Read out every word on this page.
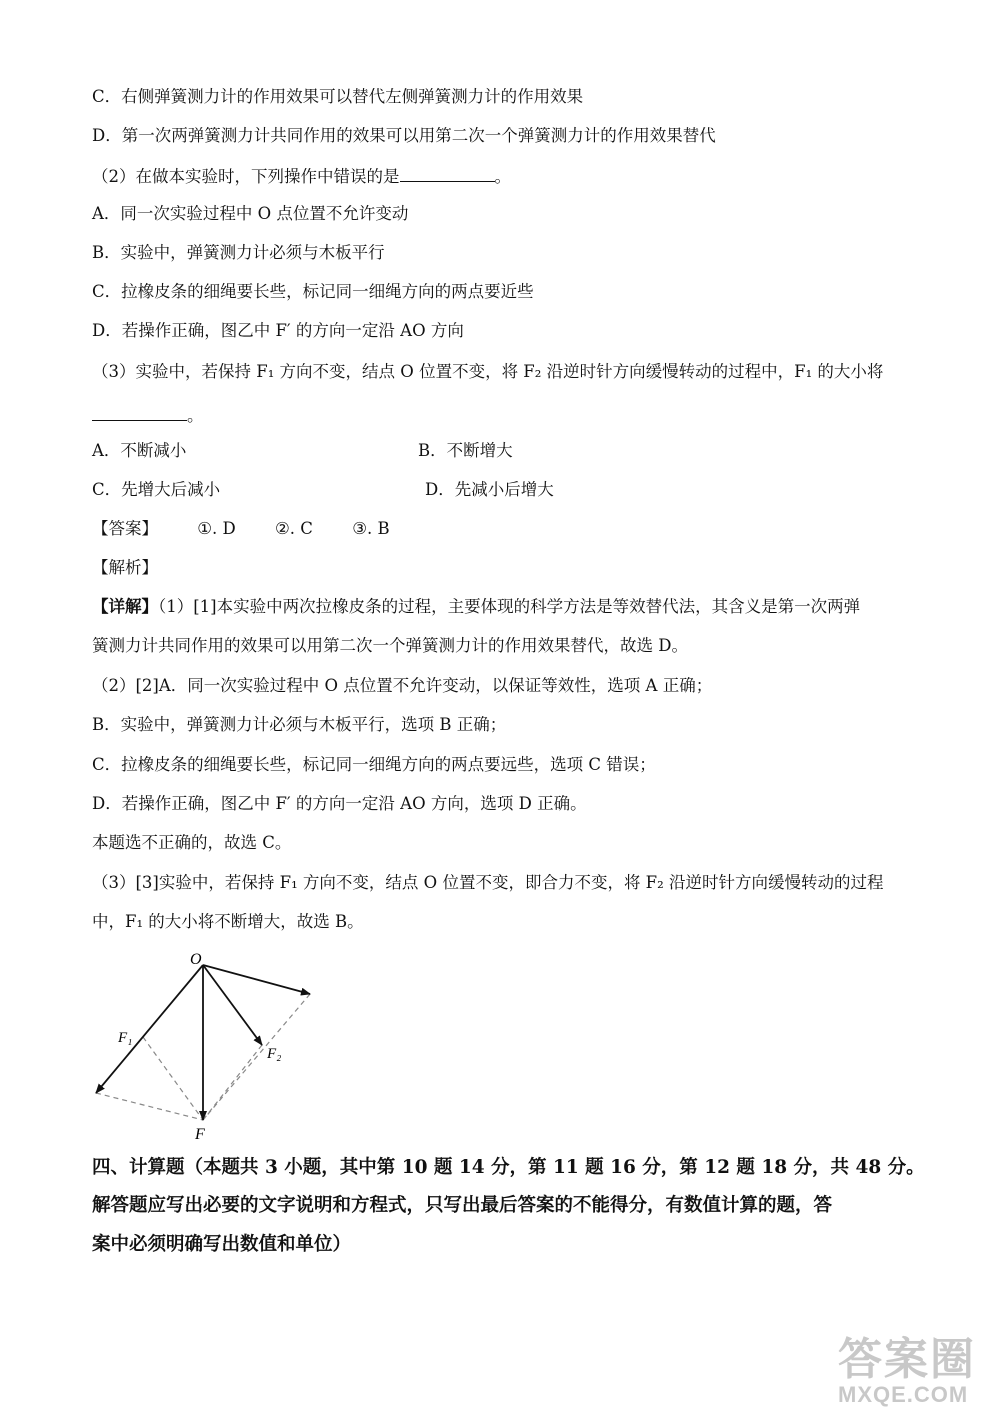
C．右侧弹簧测力计的作用效果可以替代左侧弹簧测力计的作用效果
D．第一次两弹簧测力计共同作用的效果可以用第二次一个弹簧测力计的作用效果替代
（2）在做本实验时，下列操作中错误的是	。
A．同一次实验过程中 O 点位置不允许变动
B．实验中，弹簧测力计必须与木板平行
C．拉橡皮条的细绳要长些，标记同一细绳方向的两点要近些
D．若操作正确，图乙中 F′ 的方向一定沿 AO 方向
（3）实验中，若保持 F₁ 方向不变，结点 O 位置不变，将 F₂ 沿逆时针方向缓慢转动的过程中，F₁ 的大小将
。
A．不断减小	B．不断增大
C．先增大后减小	D．先减小后增大
【答案】 ①. D ②. C ③. B
【解析】
【详解】（1）[1]本实验中两次拉橡皮条的过程，主要体现的科学方法是等效替代法，其含义是第一次两弹
簧测力计共同作用的效果可以用第二次一个弹簧测力计的作用效果替代，故选 D。
（2）[2]A．同一次实验过程中 O 点位置不允许变动，以保证等效性，选项 A 正确；
B．实验中，弹簧测力计必须与木板平行，选项 B 正确；
C．拉橡皮条的细绳要长些，标记同一细绳方向的两点要远些，选项 C 错误；
D．若操作正确，图乙中 F′ 的方向一定沿 AO 方向，选项 D 正确。
本题选不正确的，故选 C。
（3）[3]实验中，若保持 F₁ 方向不变，结点 O 位置不变，即合力不变，将 F₂ 沿逆时针方向缓慢转动的过程
中，F₁ 的大小将不断增大，故选 B。
O
F₁
F₂
F
四、计算题（本题共 3 小题，其中第 10 题 14 分，第 11 题 16 分，第 12 题 18 分，共 48 分。
解答题应写出必要的文字说明和方程式，只写出最后答案的不能得分，有数值计算的题，答
案中必须明确写出数值和单位）
答案圈
MXQE.COM
